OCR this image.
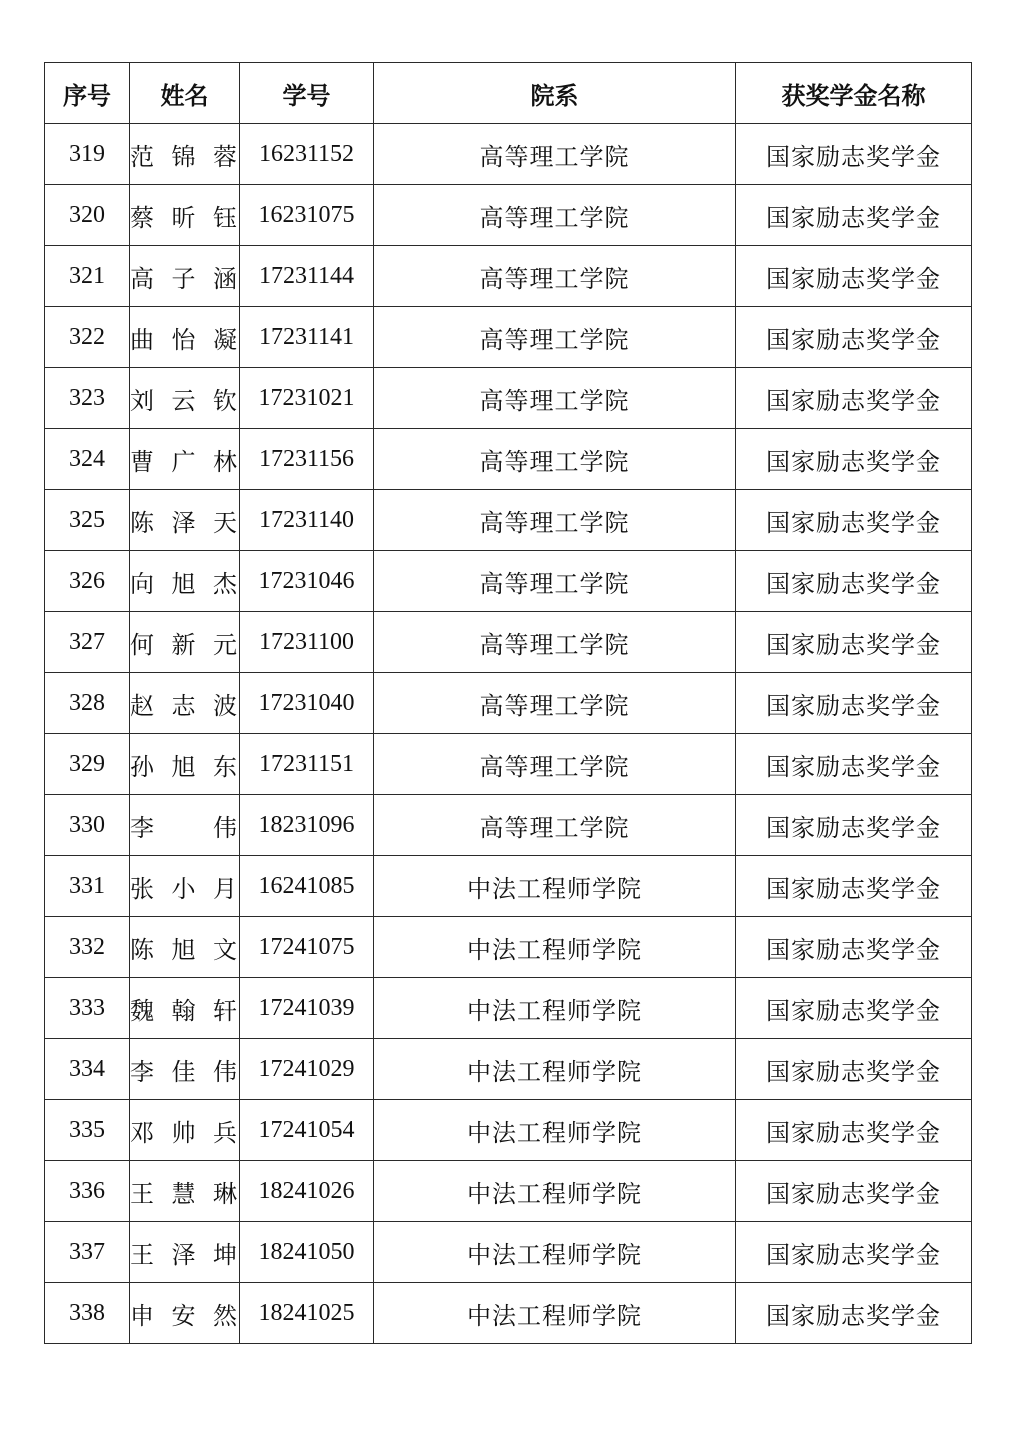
序号	姓名	学号	院系	获奖学金名称
319	范锦蓉	16231152	高等理工学院	国家励志奖学金
320	蔡昕钰	16231075	高等理工学院	国家励志奖学金
321	高子涵	17231144	高等理工学院	国家励志奖学金
322	曲怡凝	17231141	高等理工学院	国家励志奖学金
323	刘云钦	17231021	高等理工学院	国家励志奖学金
324	曹广林	17231156	高等理工学院	国家励志奖学金
325	陈泽天	17231140	高等理工学院	国家励志奖学金
326	向旭杰	17231046	高等理工学院	国家励志奖学金
327	何新元	17231100	高等理工学院	国家励志奖学金
328	赵志波	17231040	高等理工学院	国家励志奖学金
329	孙旭东	17231151	高等理工学院	国家励志奖学金
330	李 伟	18231096	高等理工学院	国家励志奖学金
331	张小月	16241085	中法工程师学院	国家励志奖学金
332	陈旭文	17241075	中法工程师学院	国家励志奖学金
333	魏翰轩	17241039	中法工程师学院	国家励志奖学金
334	李佳伟	17241029	中法工程师学院	国家励志奖学金
335	邓帅兵	17241054	中法工程师学院	国家励志奖学金
336	王慧琳	18241026	中法工程师学院	国家励志奖学金
337	王泽坤	18241050	中法工程师学院	国家励志奖学金
338	申安然	18241025	中法工程师学院	国家励志奖学金
